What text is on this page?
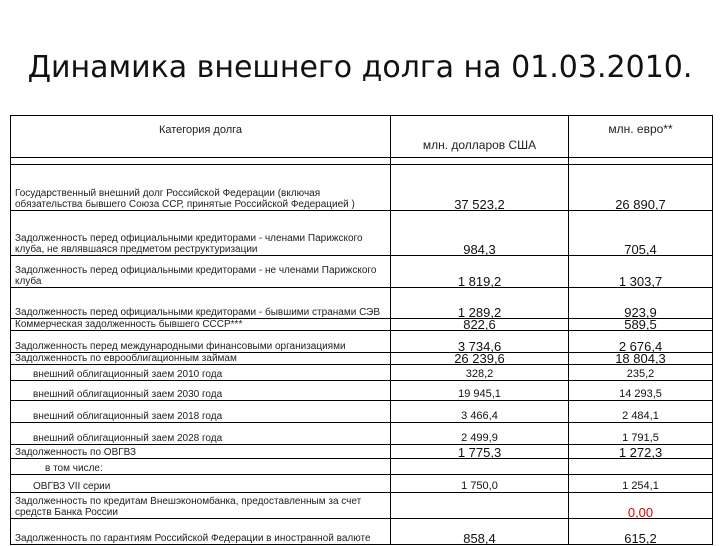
Динамика внешнего долга на 01.03.2010.
Категория долга	млн. долларов США	млн. евро**

Государственный внешний долг Российской Федерации (включая обязательства бывшего Союза ССР, принятые Российской Федерацией )	37 523,2	26 890,7
Задолженность перед официальными кредиторами - членами Парижского клуба, не являвшаяся предметом реструктуризации	984,3	705,4
Задолженность перед официальными кредиторами - не членами Парижского клуба	1 819,2	1 303,7
Задолженность перед официальными кредиторами - бывшими странами СЭВ	1 289,2	923,9
Коммерческая задолженность бывшего СССР***	822,6	589,5
Задолженность перед международными финансовыми организациями	3 734,6	2 676,4
Задолженность по еврооблигационным займам	26 239,6	18 804,3
внешний облигационный заем 2010 года	328,2	235,2
внешний облигационный заем 2030 года	19 945,1	14 293,5
внешний облигационный заем 2018 года	3 466,4	2 484,1
внешний облигационный заем 2028 года	2 499,9	1 791,5
Задолженность по ОВГВЗ	1 775,3	1 272,3
в том числе:		
ОВГВЗ VII серии	1 750,0	1 254,1
Задолженность по кредитам Внешэкономбанка, предоставленным за счет средств Банка России		0,00
Задолженность по гарантиям Российской Федерации в иностранной валюте	858,4	615,2
